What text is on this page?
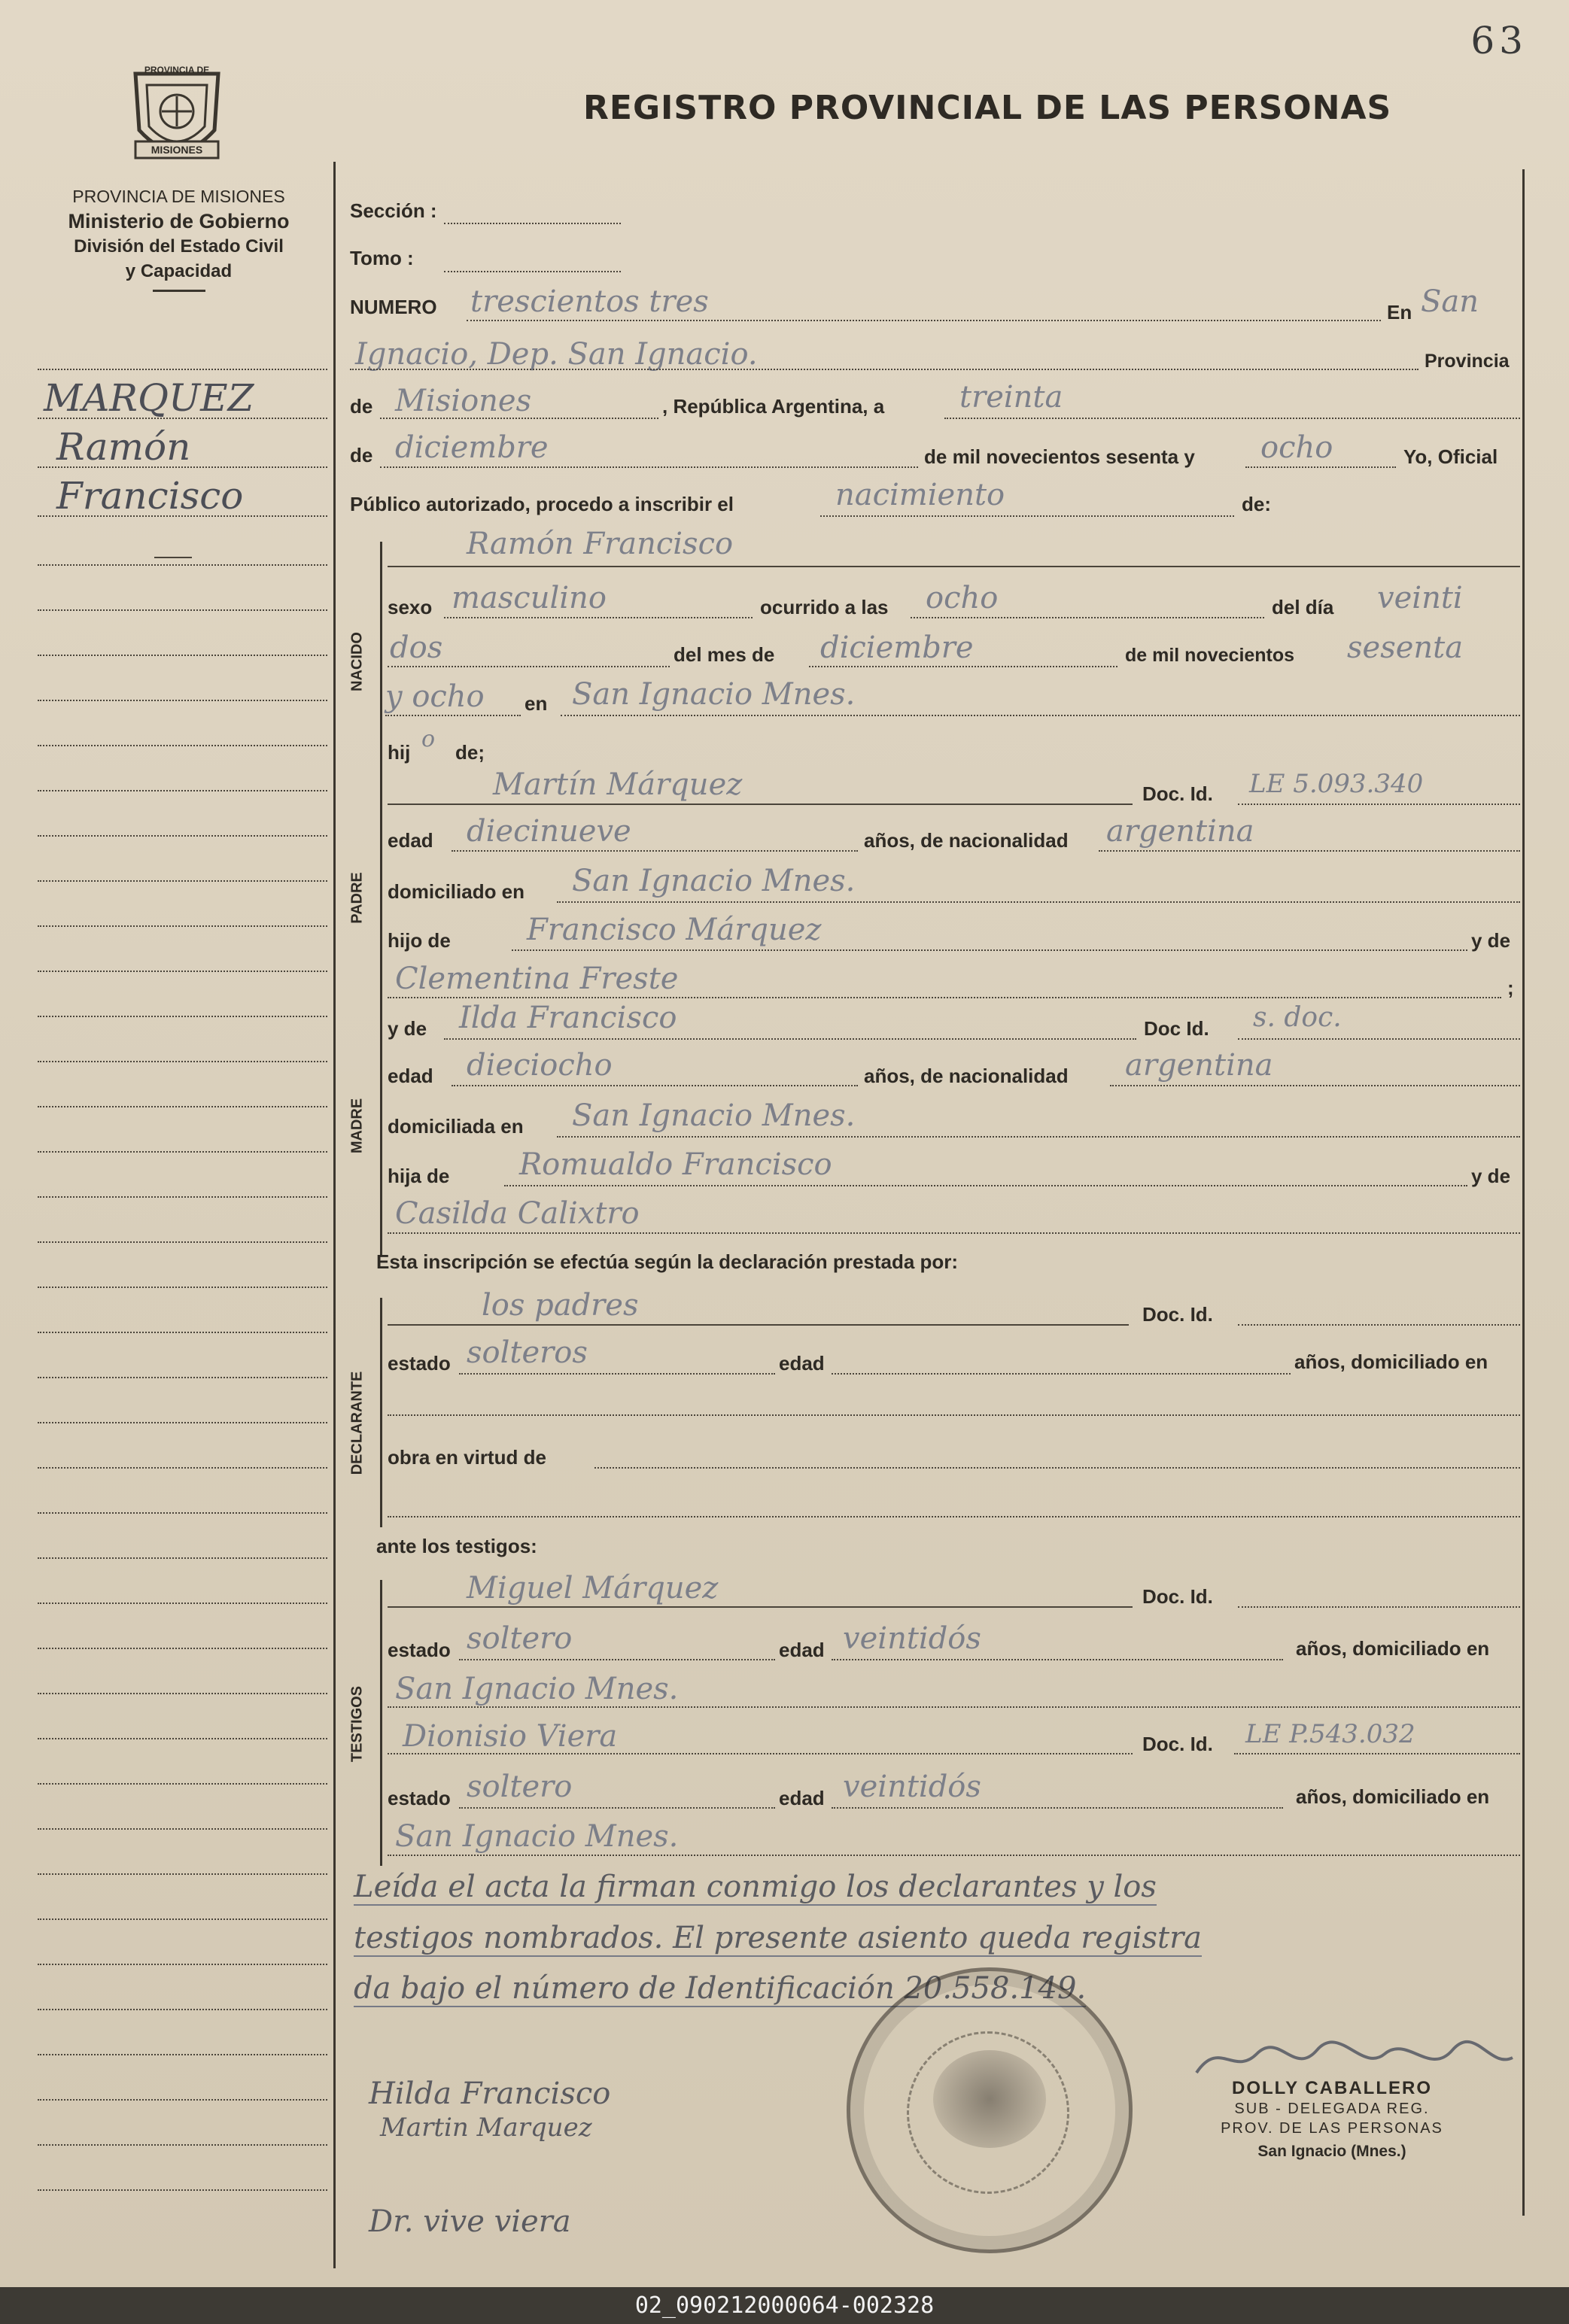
63
PROVINCIA DE
MISIONES
REGISTRO PROVINCIAL DE LAS PERSONAS
PROVINCIA DE MISIONES
Ministerio de Gobierno
División del Estado Civil
y Capacidad
MARQUEZ
Ramón
Francisco
NACIDO
PADRE
MADRE
DECLARANTE
TESTIGOS
Sección :
Tomo :
NUMERO trescientos tres	En San
Ignacio, Dep. San Ignacio.	Provincia
de Misiones	, República Argentina, a treinta
de diciembre	de mil novecientos sesenta y ocho	Yo, Oficial
Público autorizado, procedo a inscribir el	nacimiento	de:
Ramón Francisco
sexo masculino	ocurrido a las ocho	del día veinti
dos	del mes de diciembre	de mil novecientos sesenta
y ocho en San Ignacio Mnes.
hij o de;
Martín Márquez	Doc. Id. LE 5.093.340
edad diecinueve	años, de nacionalidad argentina
domiciliado en San Ignacio Mnes.
hijo de	Francisco Márquez	y de
Clementina Freste	;
y de Ilda Francisco	Doc Id. s. doc.
edad dieciocho	años, de nacionalidad argentina
domiciliada en San Ignacio Mnes.
hija de Romualdo Francisco	y de
Casilda Calixtro
Esta inscripción se efectúa según la declaración prestada por:
los padres	Doc. Id.
estado solteros	edad	años, domiciliado en
obra en virtud de
ante los testigos:
Miguel Márquez	Doc. Id.
estado soltero	edad veintidós	años, domiciliado en
San Ignacio Mnes.
Dionisio Viera	Doc. Id. LE P.543.032
estado soltero	edad veintidós	años, domiciliado en
San Ignacio Mnes.
Leída el acta la firman conmigo los declarantes y los
testigos nombrados. El presente asiento queda registra
da bajo el número de Identificación 20.558.149.
Hilda Francisco
Martin Marquez
Dr. vive viera
DOLLY CABALLERO
SUB - DELEGADA REG.
PROV. DE LAS PERSONAS
San Ignacio (Mnes.)
02_090212000064-002328
